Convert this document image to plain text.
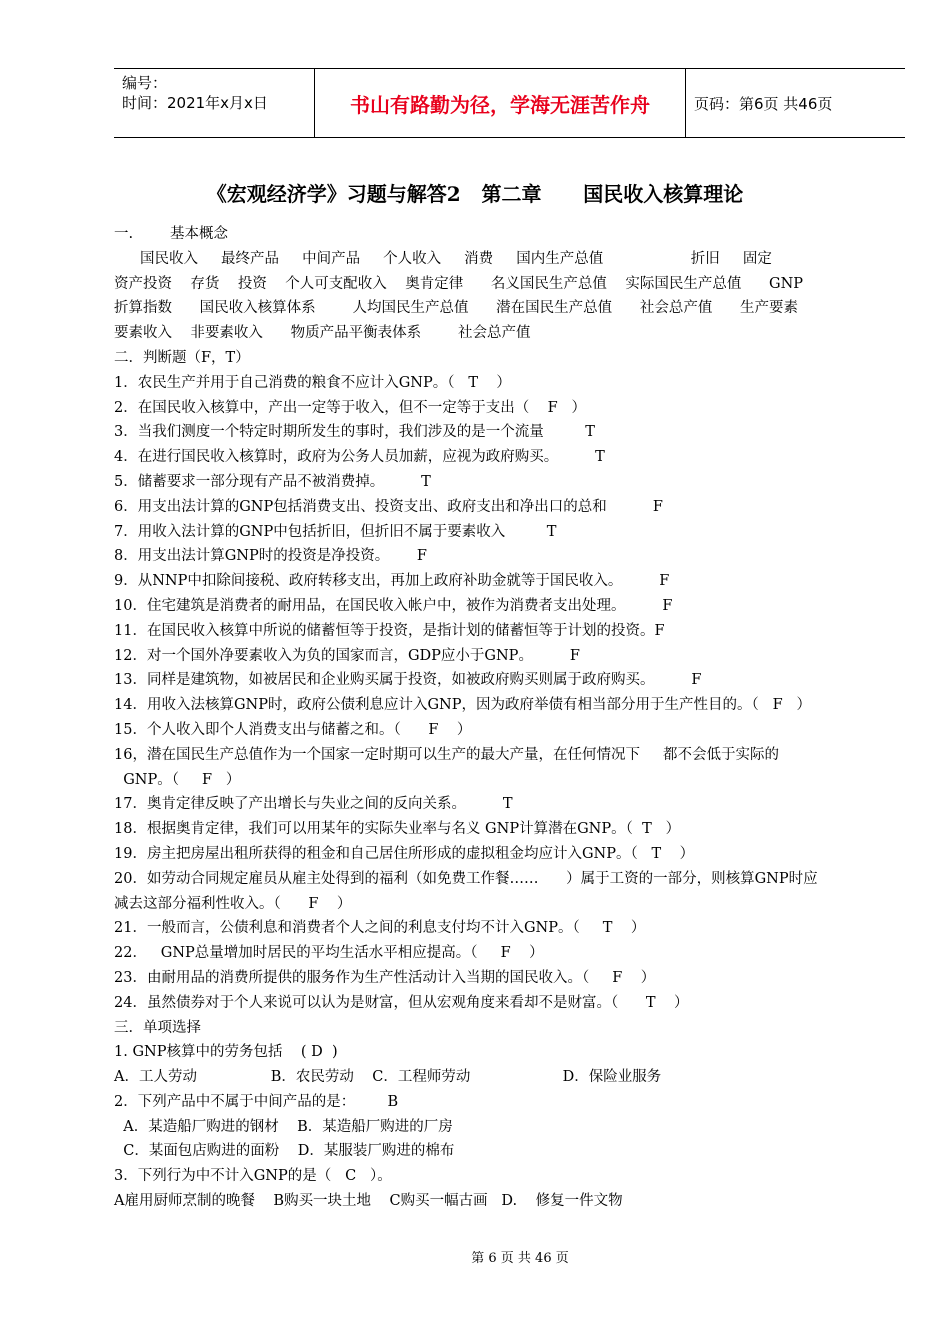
编号：
时间：2021年x月x日	书山有路勤为径，学海无涯苦作舟	页码：第6页 共46页
《宏观经济学》习题与解答2   第二章      国民收入核算理论
一.        基本概念
国民收入     最终产品     中间产品     个人收入     消费     国内生产总值                   折旧     固定
资产投资    存货    投资    个人可支配收入    奥肯定律      名义国民生产总值    实际国民生产总值      GNP
折算指数      国民收入核算体系        人均国民生产总值      潜在国民生产总值      社会总产值      生产要素
要素收入    非要素收入      物质产品平衡表体系        社会总产值
二．判断题（F，T）
1．农民生产并用于自己消费的粮食不应计入GNP。（   T    ）
2．在国民收入核算中，产出一定等于收入，但不一定等于支出（    F   ）
3．当我们测度一个特定时期所发生的事时，我们涉及的是一个流量         T
4．在进行国民收入核算时，政府为公务人员加薪，应视为政府购买。        T
5．储蓄要求一部分现有产品不被消费掉。        T
6．用支出法计算的GNP包括消费支出、投资支出、政府支出和净出口的总和          F
7．用收入法计算的GNP中包括折旧，但折旧不属于要素收入         T
8．用支出法计算GNP时的投资是净投资。      F
9．从NNP中扣除间接税、政府转移支出，再加上政府补助金就等于国民收入。        F
10．住宅建筑是消费者的耐用品，在国民收入帐户中，被作为消费者支出处理。        F
11．在国民收入核算中所说的储蓄恒等于投资，是指计划的储蓄恒等于计划的投资。F
12．对一个国外净要素收入为负的国家而言，GDP应小于GNP。        F
13．同样是建筑物，如被居民和企业购买属于投资，如被政府购买则属于政府购买。        F
14．用收入法核算GNP时，政府公债利息应计入GNP，因为政府举债有相当部分用于生产性目的。（   F   ）
15．个人收入即个人消费支出与储蓄之和。（      F    ）
16，潜在国民生产总值作为一个国家一定时期可以生产的最大产量，在任何情况下     都不会低于实际的
GNP。（     F   ）
17．奥肯定律反映了产出增长与失业之间的反向关系。        T
18．根据奥肯定律，我们可以用某年的实际失业率与名义 GNP计算潜在GNP。（  T   ）
19．房主把房屋出租所获得的租金和自己居住所形成的虚拟租金均应计入GNP。（   T    ）
20．如劳动合同规定雇员从雇主处得到的福利（如免费工作餐……      ）属于工资的一部分，则核算GNP时应
减去这部分福利性收入。（      F    ）
21．一般而言，公债利息和消费者个人之间的利息支付均不计入GNP。（     T    ）
22．   GNP总量增加时居民的平均生活水平相应提高。（     F    ）
23．由耐用品的消费所提供的服务作为生产性活动计入当期的国民收入。（     F    ）
24．虽然债券对于个人来说可以认为是财富，但从宏观角度来看却不是财富。（      T    ）
三．单项选择
1. GNP核算中的劳务包括    ( D  )
A．工人劳动                B．农民劳动    C．工程师劳动                    D．保险业服务
2．下列产品中不属于中间产品的是：       B
A．某造船厂购进的钢材    B．某造船厂购进的厂房
C．某面包店购进的面粉    D．某服装厂购进的棉布
3．下列行为中不计入GNP的是（   C   ）。
A雇用厨师烹制的晚餐    B购买一块土地    C购买一幅古画   D.    修复一件文物
第 6 页 共 46 页
